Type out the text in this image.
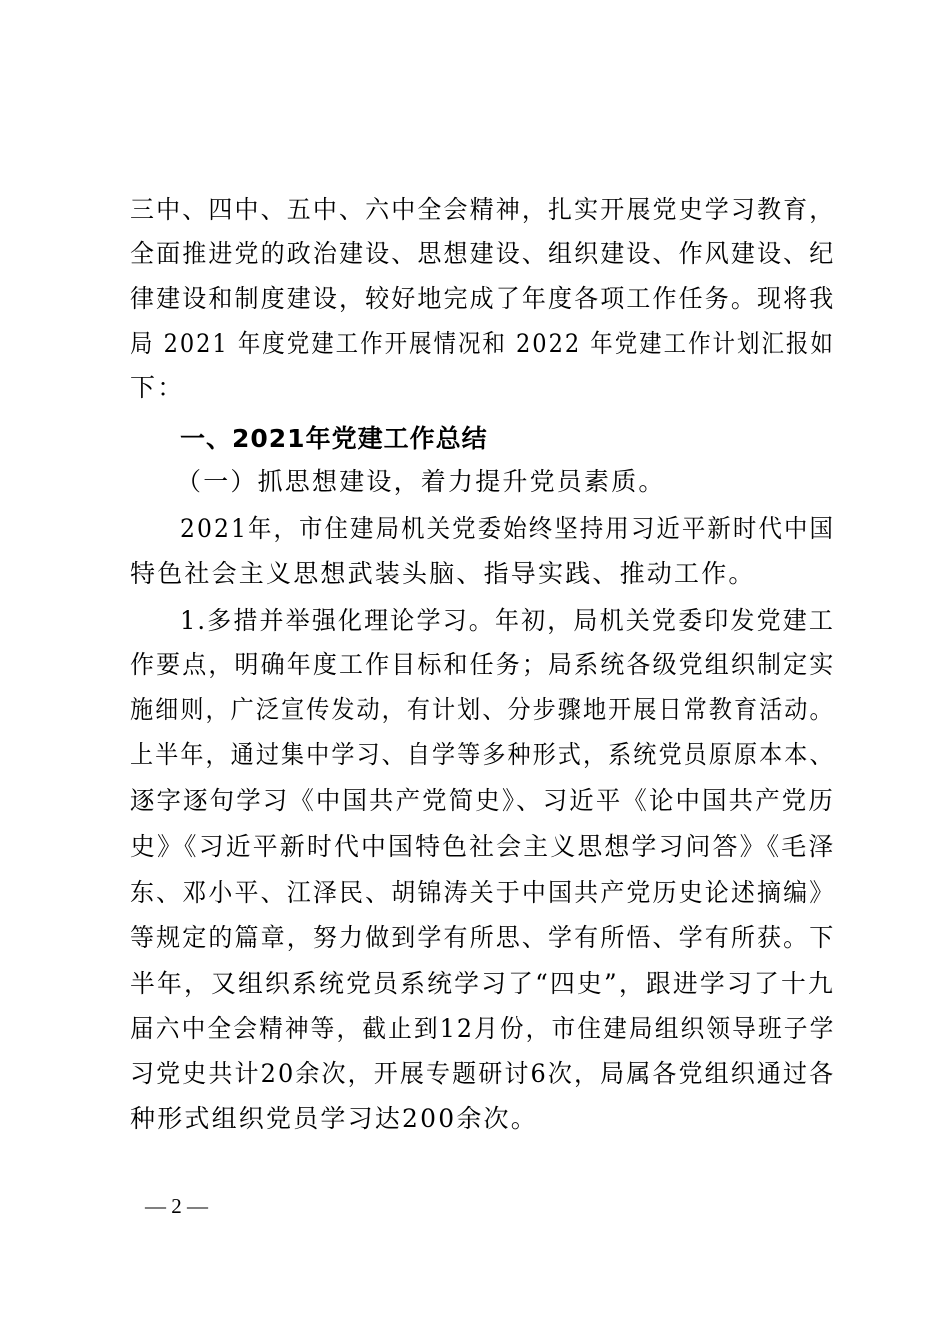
三中、四中、五中、六中全会精神，扎实开展党史学习教育，
全面推进党的政治建设、思想建设、组织建设、作风建设、纪
律建设和制度建设，较好地完成了年度各项工作任务。现将我
局 2021 年度党建工作开展情况和 2022 年党建工作计划汇报如
下：
一、2021年党建工作总结
（一）抓思想建设，着力提升党员素质。
2021年，市住建局机关党委始终坚持用习近平新时代中国
特色社会主义思想武装头脑、指导实践、推动工作。
1.多措并举强化理论学习。年初，局机关党委印发党建工
作要点，明确年度工作目标和任务；局系统各级党组织制定实
施细则，广泛宣传发动，有计划、分步骤地开展日常教育活动。
上半年，通过集中学习、自学等多种形式，系统党员原原本本、
逐字逐句学习《中国共产党简史》、习近平《论中国共产党历
史》《习近平新时代中国特色社会主义思想学习问答》《毛泽
东、邓小平、江泽民、胡锦涛关于中国共产党历史论述摘编》
等规定的篇章，努力做到学有所思、学有所悟、学有所获。下
半年，又组织系统党员系统学习了“四史”，跟进学习了十九
届六中全会精神等，截止到12月份，市住建局组织领导班子学
习党史共计20余次，开展专题研讨6次，局属各党组织通过各
种形式组织党员学习达200余次。
— 2 —
